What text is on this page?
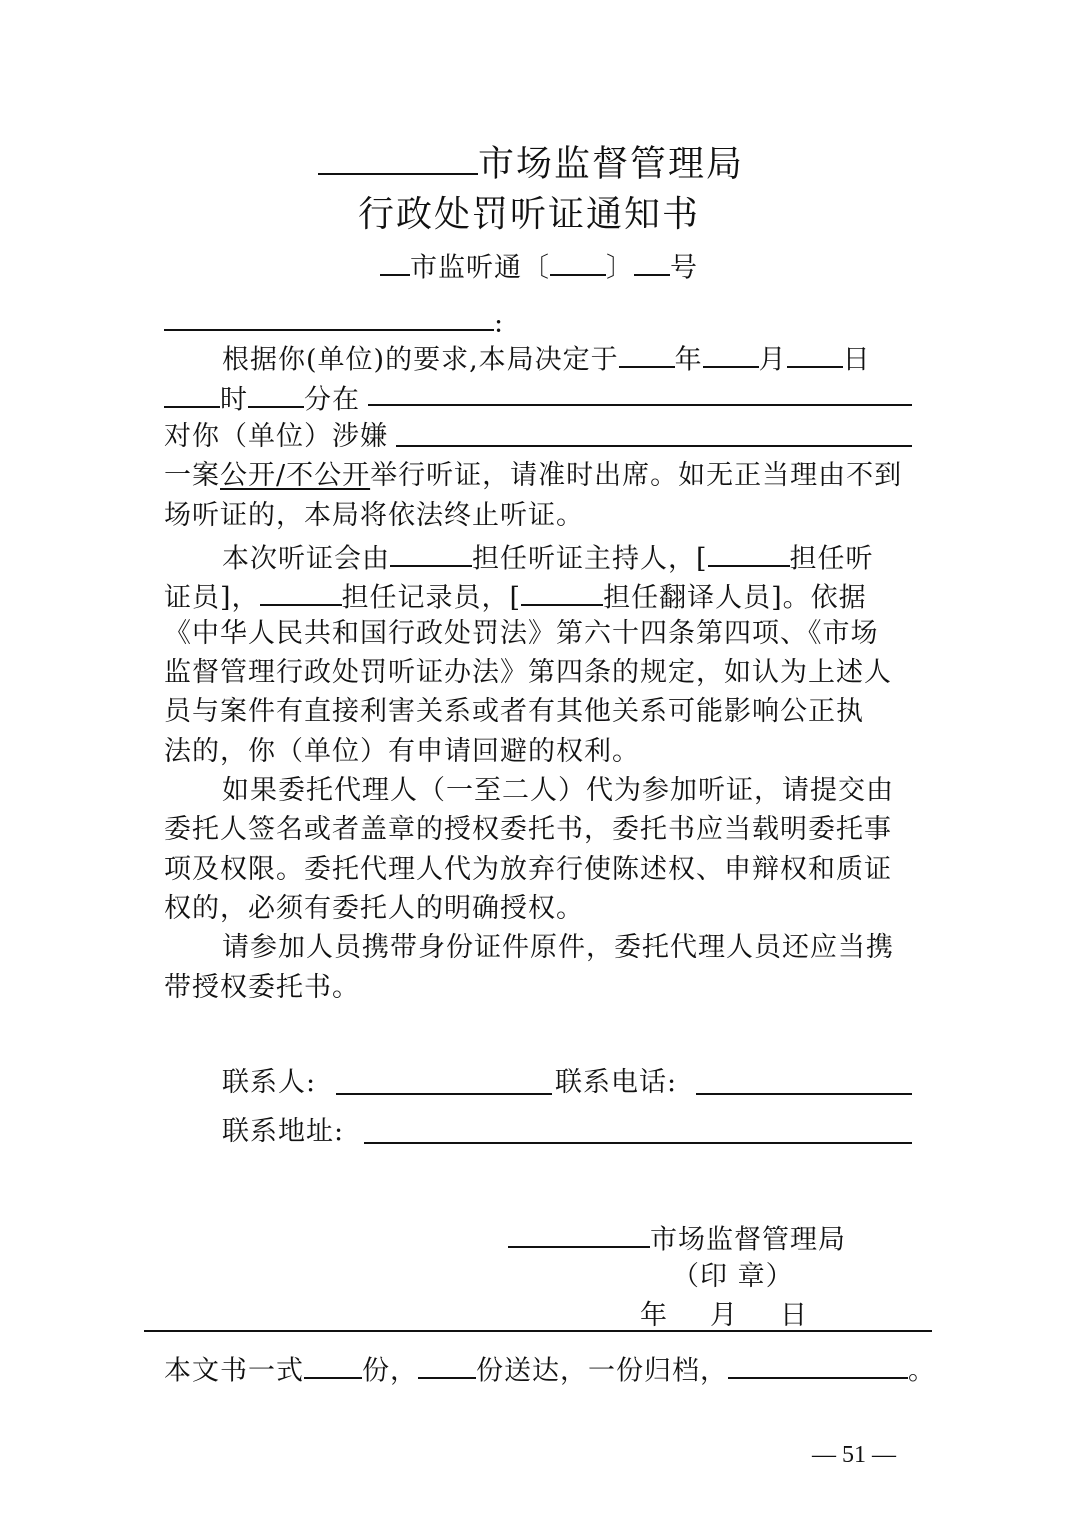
市场监督管理局
行政处罚听证通知书
市监听通〔 〕 号
:
根据你(单位)的要求,本局决定于 年 月 日
时 分在
对你（单位）涉嫌
一案公开/不公开举行听证，请准时出席。如无正当理由不到
场听证的，本局将依法终止听证。
本次听证会由	担任听证主持人，[	担任听
证员]，	担任记录员，[	担任翻译人员]。依据
《中华人民共和国行政处罚法》第六十四条第四项、《市场
监督管理行政处罚听证办法》第四条的规定，如认为上述人
员与案件有直接利害关系或者有其他关系可能影响公正执
法的，你（单位）有申请回避的权利。
如果委托代理人（一至二人）代为参加听证，请提交由
委托人签名或者盖章的授权委托书，委托书应当载明委托事
项及权限。委托代理人代为放弃行使陈述权、申辩权和质证
权的，必须有委托人的明确授权。
请参加人员携带身份证件原件，委托代理人员还应当携
带授权委托书。
联系人:	联系电话:
联系地址:
市场监督管理局
（印 章）
年 月 日
本文书一式 份， 份送达，一份归档，	。
— 51 —
